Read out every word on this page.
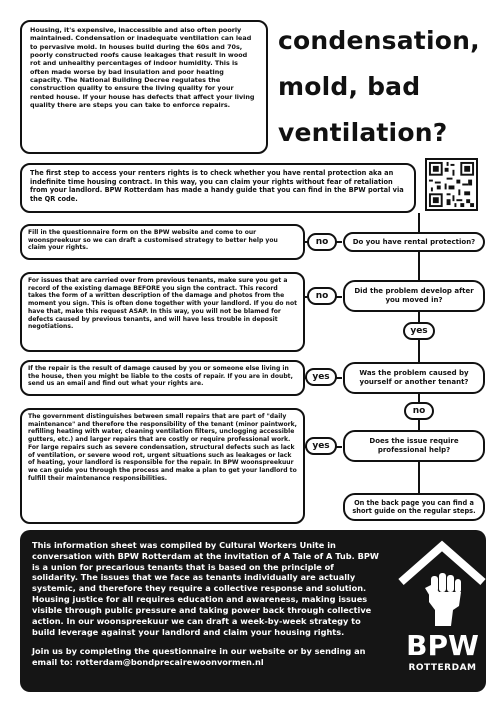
Housing, it's expensive, inaccessible and also often poorly maintained. Condensation or inadequate ventilation can lead to pervasive mold. In houses build during the 60s and 70s, poorly constructed roofs cause leakages that result in wood rot and unhealthy percentages of indoor humidity. This is often made worse by bad insulation and poor heating capacity. The National Building Decree regulates the construction quality to ensure the living quality for your rented house. If your house has defects that affect your living quality there are steps you can take to enforce repairs.
condensation,
mold, bad
ventilation?
The first step to access your renters rights is to check whether you have rental protection aka an indefinite time housing contract. In this way, you can claim your rights without fear of retaliation from your landlord. BPW Rotterdam has made a handy guide that you can find in the BPW portal via the QR code.
Fill in the questionnaire form on the BPW website and come to our woonspreekuur so we can draft a customised strategy to better help you claim your rights.
no	Do you have rental protection?
For issues that are carried over from previous tenants, make sure you get a record of the existing damage BEFORE you sign the contract. This record takes the form of a written description of the damage and photos from the moment you sign. This is often done together with your landlord. If you do not have that, make this request ASAP. In this way, you will not be blamed for defects caused by previous tenants, and will have less trouble in deposit negotiations.
no	Did the problem develop after you moved in?
yes
If the repair is the result of damage caused by you or someone else living in the house, then you might be liable to the costs of repair. If you are in doubt, send us an email and find out what your rights are.
yes	Was the problem caused by yourself or another tenant?
no
The government distinguishes between small repairs that are part of "daily maintenance" and therefore the responsibility of the tenant (minor paintwork, refilling heating with water, cleaning ventilation filters, unclogging accessible gutters, etc.) and larger repairs that are costly or require professional work. For large repairs such as severe condensation, structural defects such as lack of ventilation, or severe wood rot, urgent situations such as leakages or lack of heating, your landlord is responsible for the repair. In BPW woonspreekuur we can guide you through the process and make a plan to get your landlord to fulfill their maintenance responsibilities.
yes	Does the issue require professional help?
On the back page you can find a short guide on the regular steps.

This information sheet was compiled by Cultural Workers Unite in conversation with BPW Rotterdam at the invitation of A Tale of A Tub. BPW is a union for precarious tenants that is based on the principle of solidarity. The issues that we face as tenants individually are actually systemic, and therefore they require a collective response and solution. Housing justice for all requires education and awareness, making issues visible through public pressure and taking power back through collective action. In our woonspreekuur we can draft a week-by-week strategy to build leverage against your landlord and claim your housing rights.

Join us by completing the questionnaire in our website or by sending an email to: rotterdam@bondprecairewoonvormen.nl

BPW
ROTTERDAM
